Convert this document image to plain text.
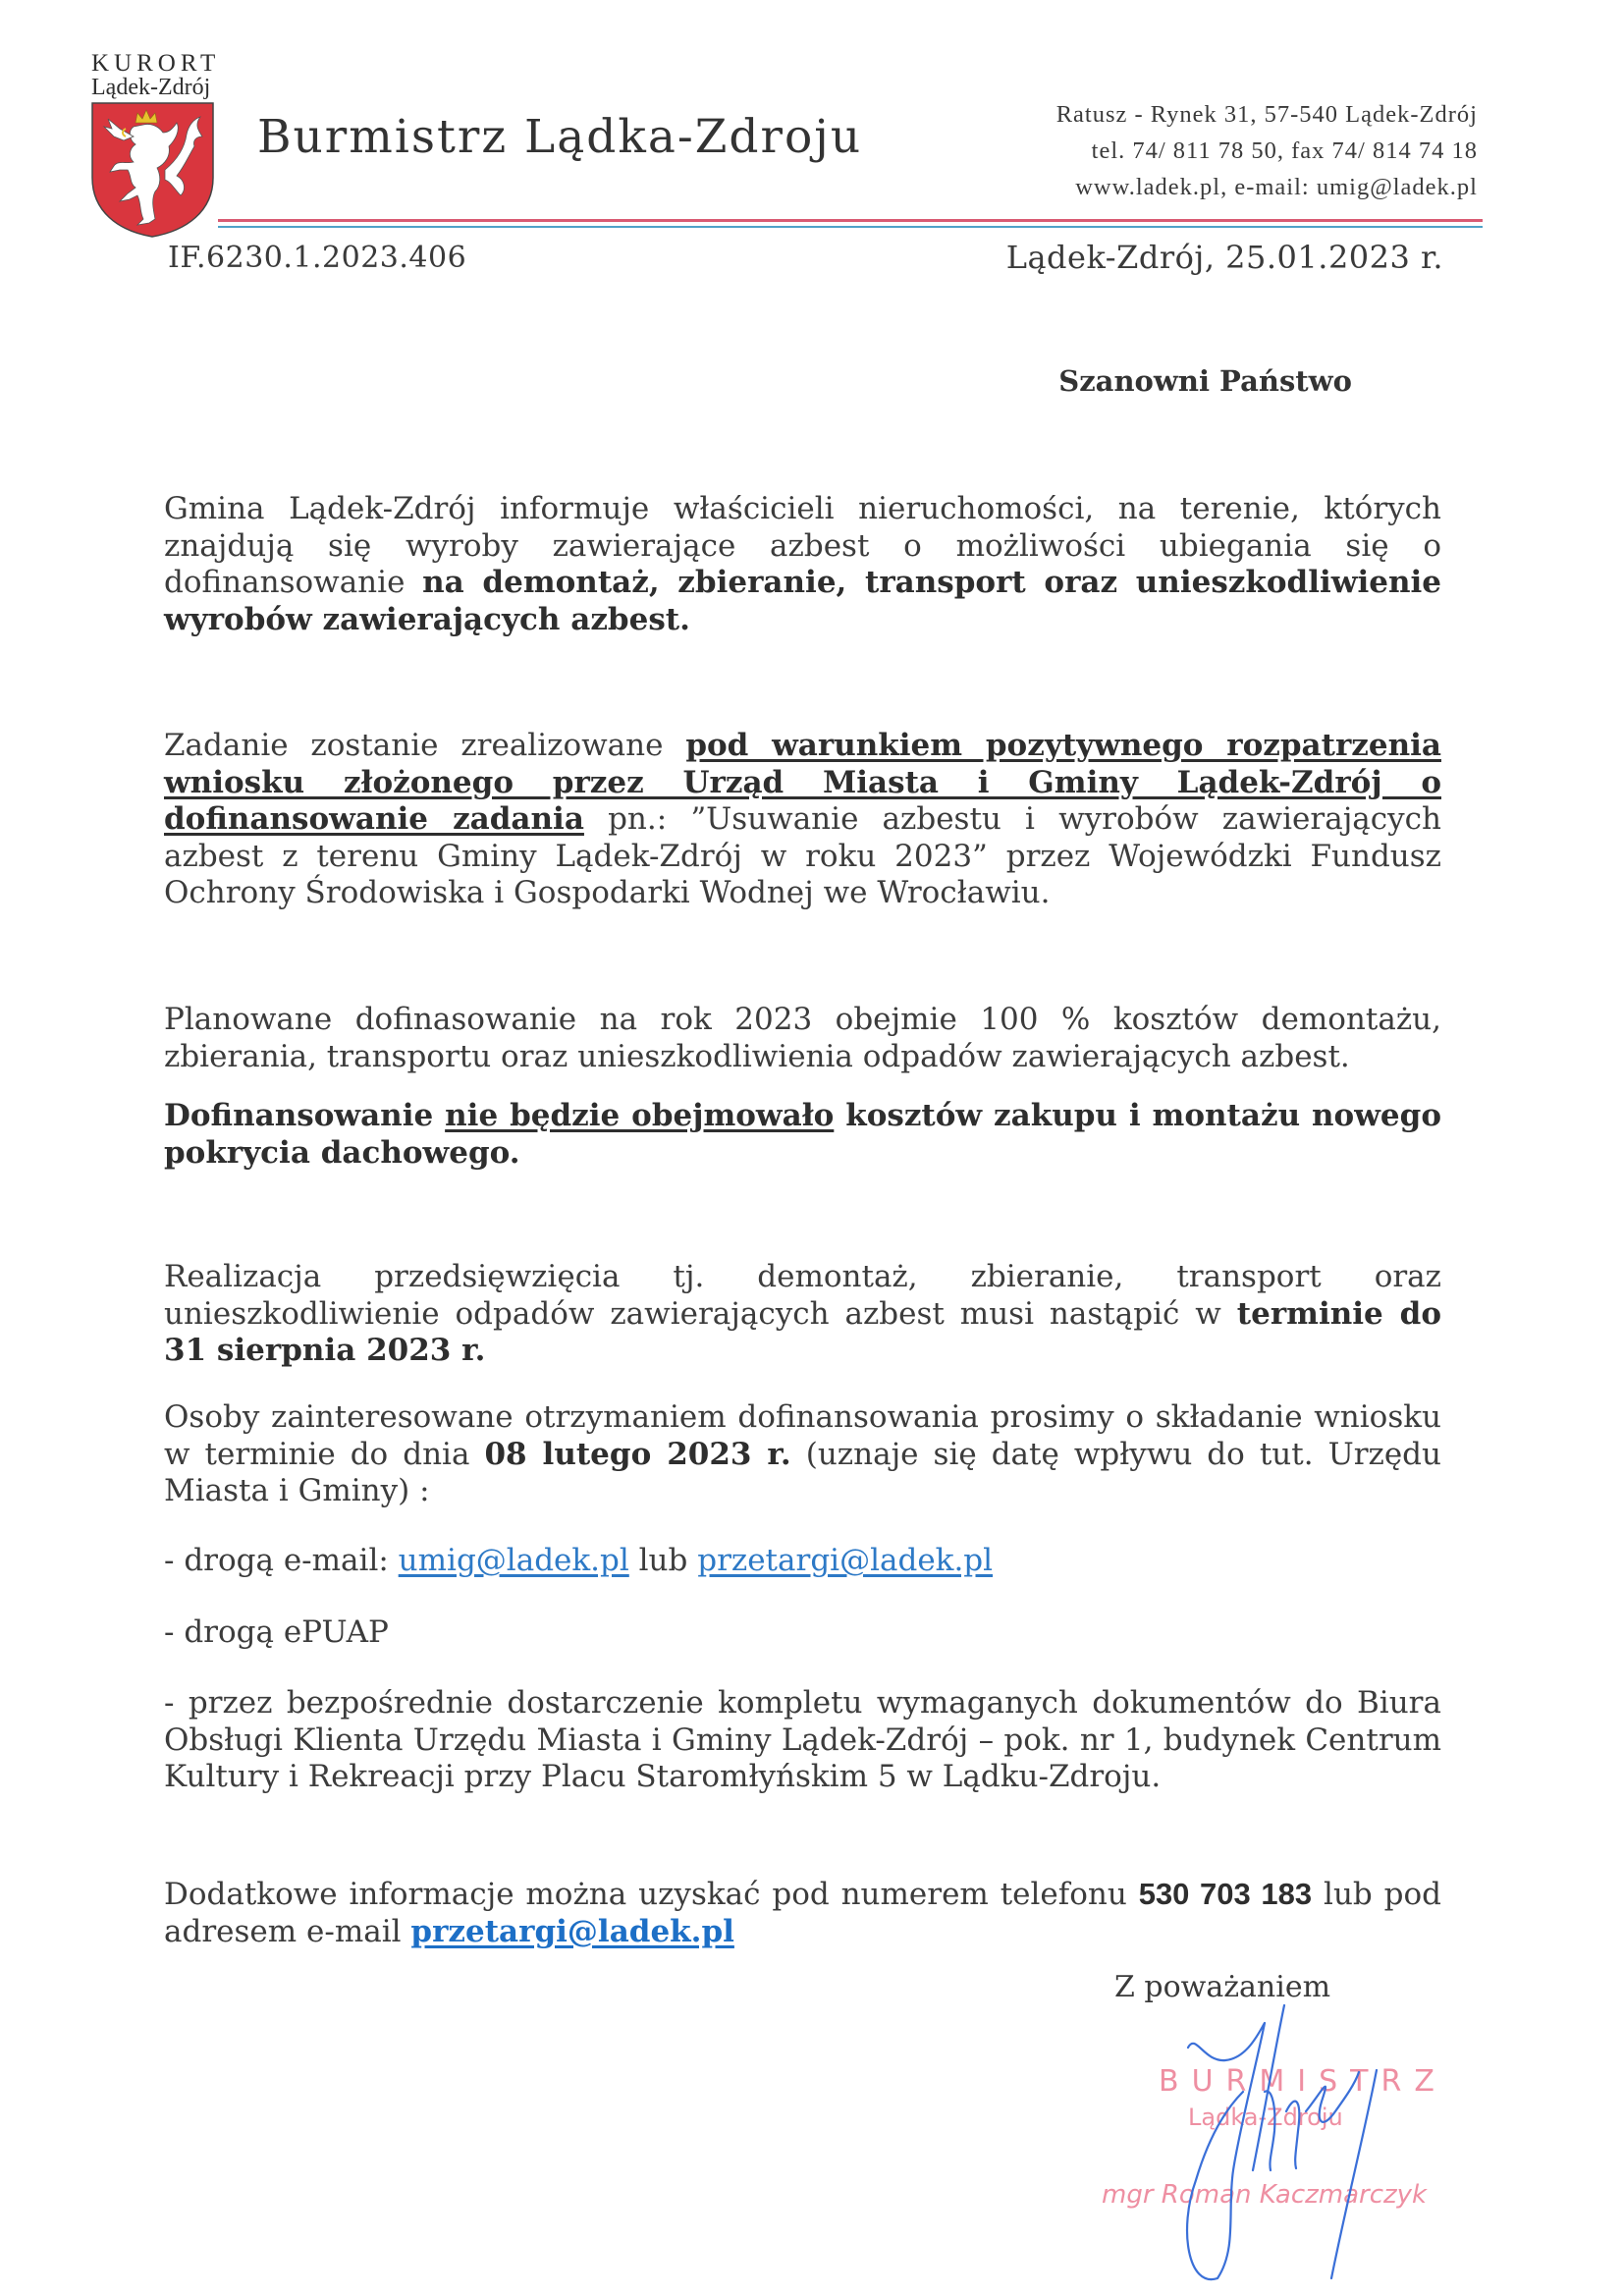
KURORT
Lądek-Zdrój
Burmistrz Lądka-Zdroju	Ratusz - Rynek 31, 57-540 Lądek-Zdrój
tel. 74/ 811 78 50, fax 74/ 814 74 18
www.ladek.pl, e-mail: umig@ladek.pl
IF.6230.1.2023.406	Lądek-Zdrój, 25.01.2023 r.
Szanowni Państwo

Gmina Lądek-Zdrój informuje właścicieli nieruchomości, na terenie, których znajdują się wyroby zawierające azbest o możliwości ubiegania się o dofinansowanie na demontaż, zbieranie, transport oraz unieszkodliwienie wyrobów zawierających azbest.

Zadanie zostanie zrealizowane pod warunkiem pozytywnego rozpatrzenia wniosku złożonego przez Urząd Miasta i Gminy Lądek-Zdrój o dofinansowanie zadania pn.: ”Usuwanie azbestu i wyrobów zawierających azbest z terenu Gminy Lądek-Zdrój w roku 2023” przez Wojewódzki Fundusz Ochrony Środowiska i Gospodarki Wodnej we Wrocławiu.

Planowane dofinasowanie na rok 2023 obejmie 100 % kosztów demontażu, zbierania, transportu oraz unieszkodliwienia odpadów zawierających azbest.

Dofinansowanie nie będzie obejmowało kosztów zakupu i montażu nowego pokrycia dachowego.

Realizacja przedsięwzięcia tj. demontaż, zbieranie, transport oraz unieszkodliwienie odpadów zawierających azbest musi nastąpić w terminie do 31 sierpnia 2023 r.

Osoby zainteresowane otrzymaniem dofinansowania prosimy o składanie wniosku w terminie do dnia 08 lutego 2023 r. (uznaje się datę wpływu do tut. Urzędu Miasta i Gminy) :

- drogą e-mail: umig@ladek.pl lub przetargi@ladek.pl

- drogą ePUAP

- przez bezpośrednie dostarczenie kompletu wymaganych dokumentów do Biura Obsługi Klienta Urzędu Miasta i Gminy Lądek-Zdrój – pok. nr 1, budynek Centrum Kultury i Rekreacji przy Placu Staromłyńskim 5 w Lądku-Zdroju.

Dodatkowe informacje można uzyskać pod numerem telefonu 530 703 183 lub pod adresem e-mail przetargi@ladek.pl

Z poważaniem
BURMISTRZ
Lądka-Zdroju
mgr Roman Kaczmarczyk
